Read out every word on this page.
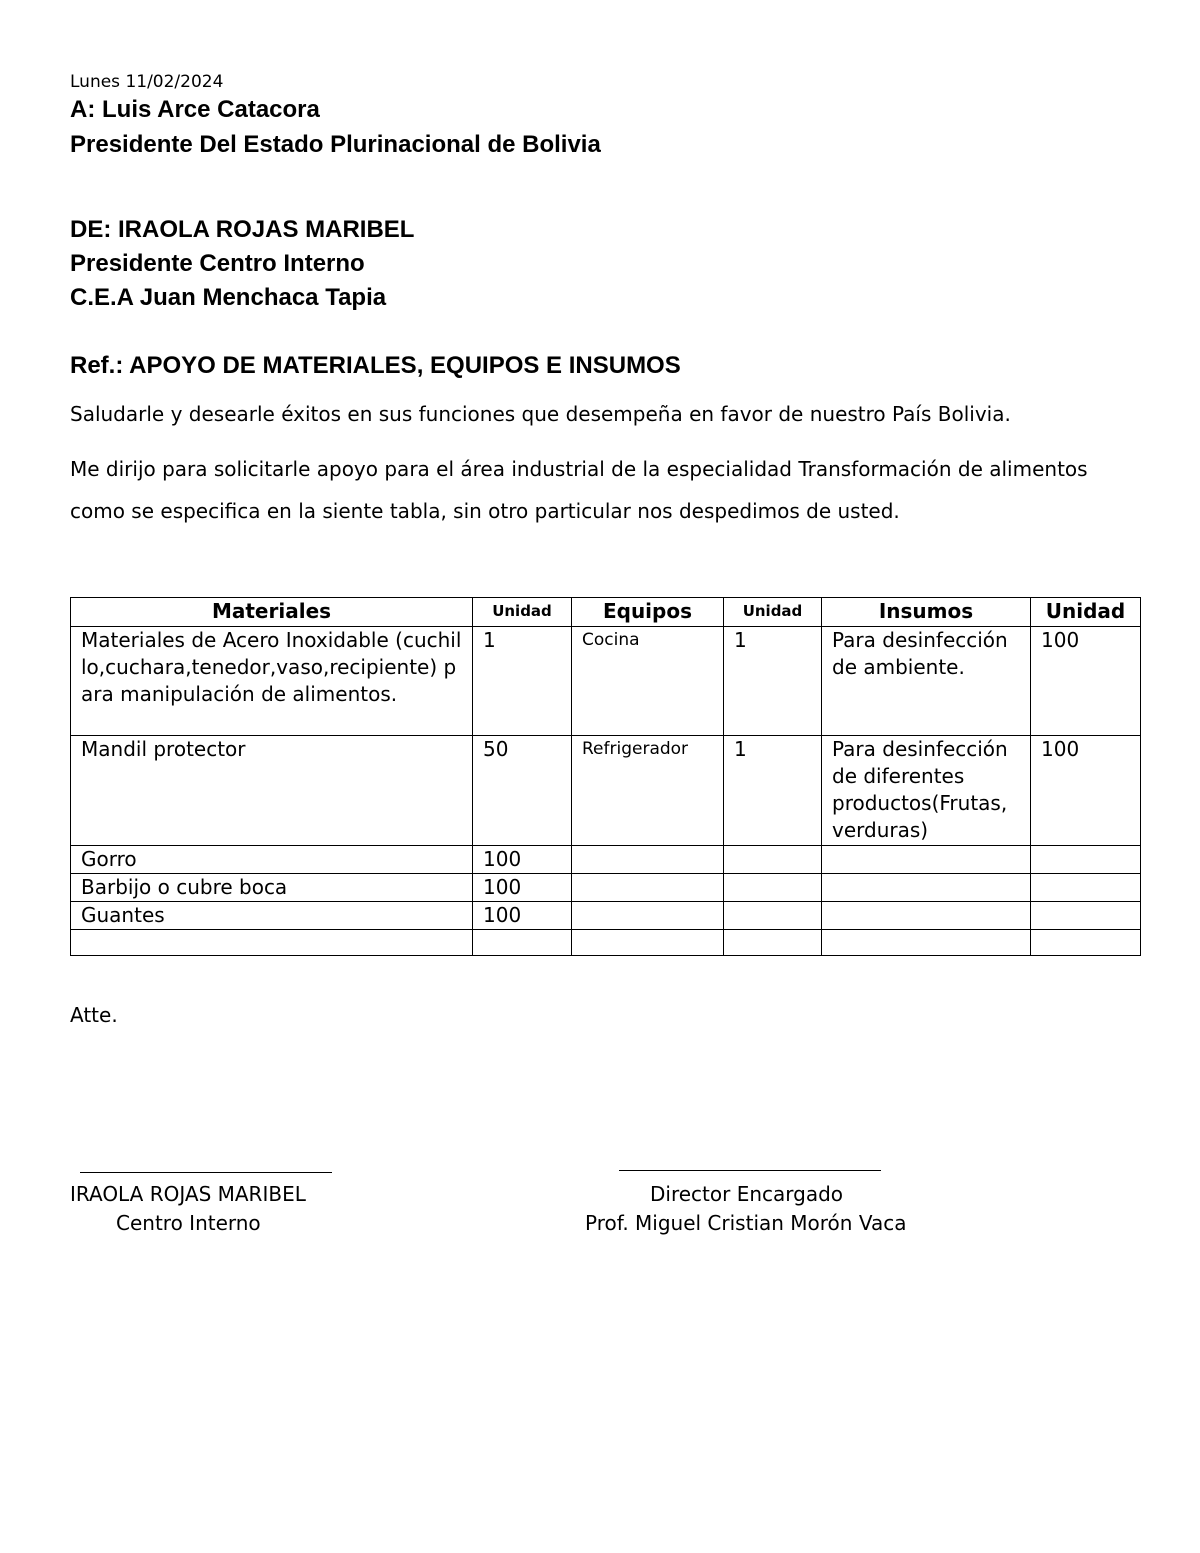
Lunes 11/02/2024
A: Luis Arce Catacora
Presidente Del Estado Plurinacional de Bolivia
DE: IRAOLA ROJAS MARIBEL
Presidente Centro Interno
C.E.A Juan Menchaca Tapia
Ref.: APOYO DE MATERIALES, EQUIPOS E INSUMOS
Saludarle y desearle éxitos en sus funciones que desempeña en favor de nuestro País Bolivia.
Me dirijo para solicitarle apoyo para el área industrial de la especialidad Transformación de alimentos
como se especifica en la siente tabla, sin otro particular nos despedimos de usted.
Materiales	Unidad	Equipos	Unidad	Insumos	Unidad
Materiales de Acero Inoxidable (cuchillo,cuchara,tenedor,vaso,recipiente) para manipulación de alimentos.	1	Cocina	1	Para desinfección de ambiente.	100
Mandil protector	50	Refrigerador	1	Para desinfección de diferentes productos(Frutas, verduras)	100
Gorro	100				
Barbijo o cubre boca	100				
Guantes	100				

Atte.
IRAOLA ROJAS MARIBEL
Centro Interno
Director Encargado
Prof. Miguel Cristian Morón Vaca
